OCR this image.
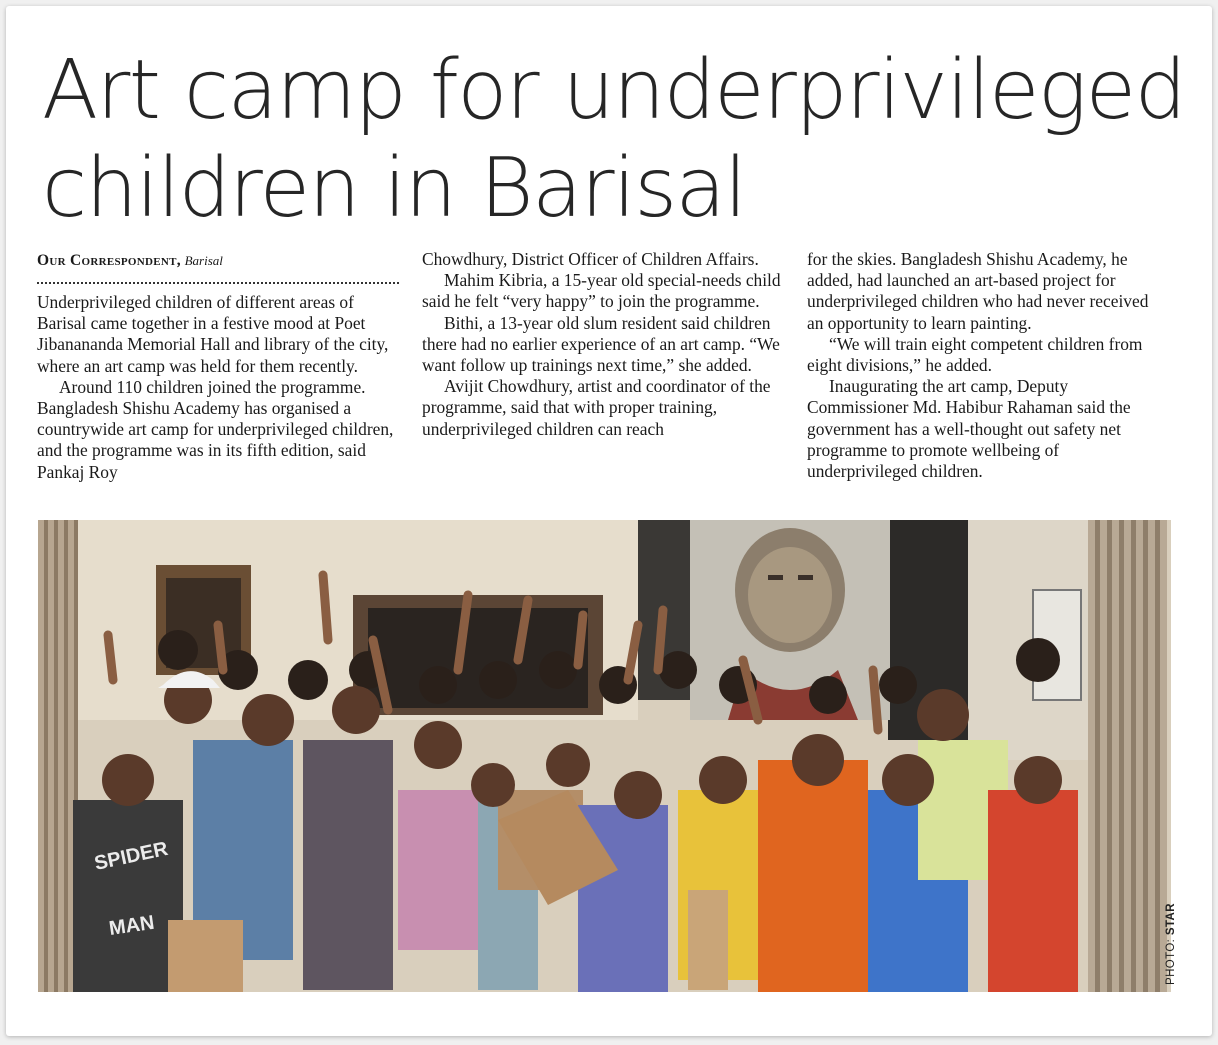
Art camp for underprivileged
children in Barisal

Our Correspondent, Barisal

Underprivileged children of different areas of Barisal came together in a festive mood at Poet Jibanananda Memorial Hall and library of the city, where an art camp was held for them recently.

Around 110 children joined the programme. Bangladesh Shishu Academy has organised a countrywide art camp for underprivileged children, and the programme was in its fifth edition, said Pankaj Roy

Chowdhury, District Officer of Children Affairs.

Mahim Kibria, a 15-year old special-needs child said he felt “very happy” to join the programme.

Bithi, a 13-year old slum resident said children there had no earlier experience of an art camp. “We want follow up trainings next time,” she added.

Avijit Chowdhury, artist and coordinator of the programme, said that with proper training, underprivileged children can reach

for the skies. Bangladesh Shishu Academy, he added, had launched an art-based project for underprivileged children who had never received an opportunity to learn painting.

“We will train eight competent children from eight divisions,” he added.

Inaugurating the art camp, Deputy Commissioner Md. Habibur Rahaman said the government has a well-thought out safety net programme to promote wellbeing of underprivileged children.

SPIDER
MAN
PHOTO: STAR
